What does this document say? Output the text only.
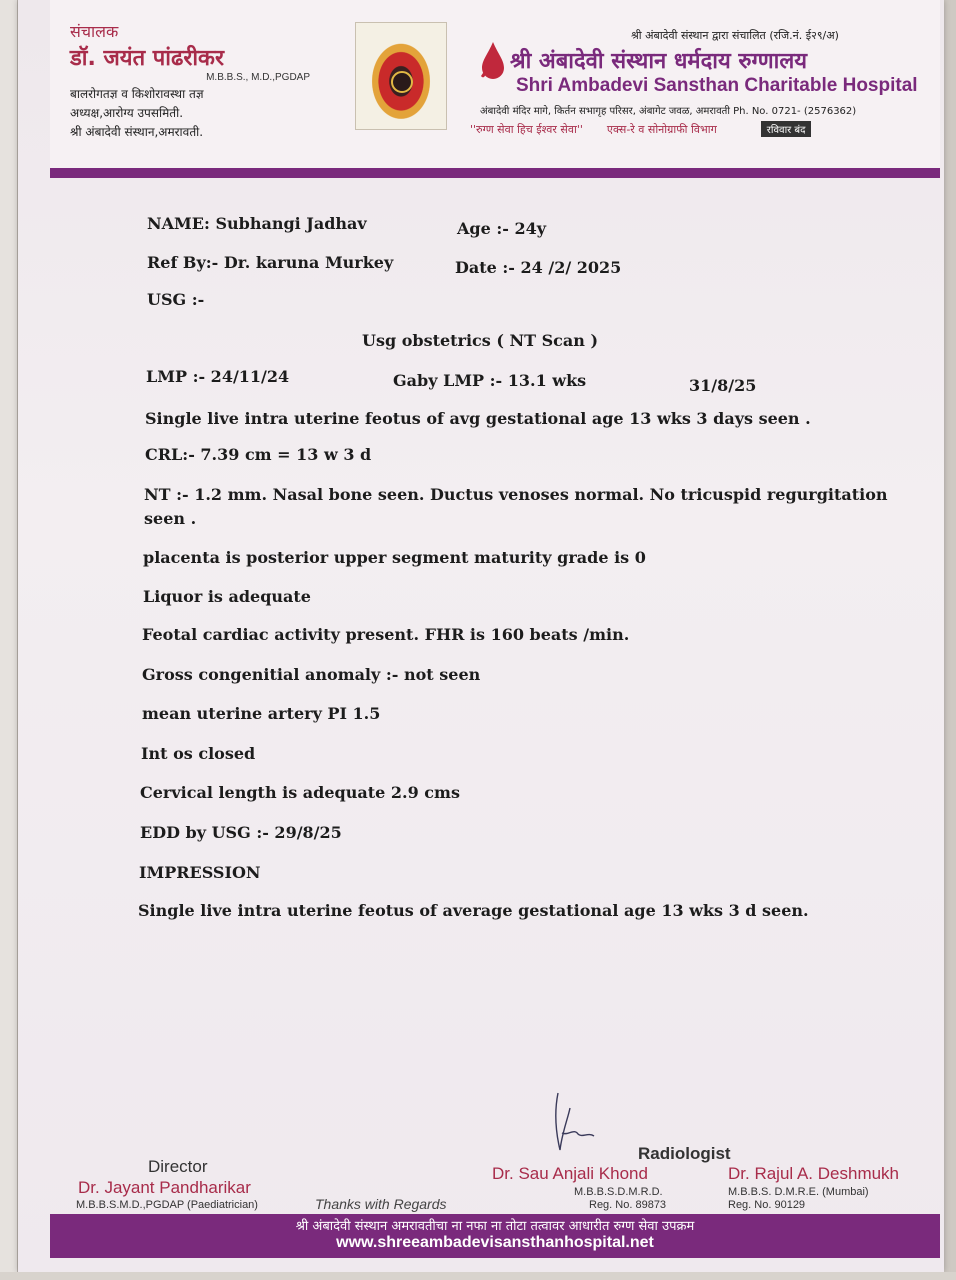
संचालक
डॉ. जयंत पांढरीकर
M.B.B.S., M.D.,PGDAP
बालरोगतज्ञ व किशोरावस्था तज्ञ
अध्यक्ष,आरोग्य उपसमिती.
श्री अंबादेवी संस्थान,अमरावती.
श्री अंबादेवी संस्थान द्वारा संचालित (रजि.नं. ई२९/अ)
श्री अंबादेवी संस्थान धर्मदाय रुग्णालय
Shri Ambadevi Sansthan Charitable Hospital
अंबादेवी मंदिर मागे, किर्तन सभागृह परिसर, अंबागेट जवळ, अमरावती Ph. No. 0721- (2576362)
''रुग्ण सेवा हिच ईश्वर सेवा'' एक्स-रे व सोनोग्राफी विभाग	रविवार बंद
NAME: Subhangi Jadhav	Age :- 24y
Ref By:- Dr. karuna Murkey	Date :- 24 /2/ 2025
USG :-
Usg obstetrics ( NT Scan )
LMP :- 24/11/24	Gaby LMP :- 13.1 wks	31/8/25
Single live intra uterine feotus of avg gestational age 13 wks 3 days seen .
CRL:- 7.39 cm = 13 w 3 d
NT :- 1.2 mm. Nasal bone seen. Ductus venoses normal. No tricuspid regurgitation
seen .
placenta is posterior upper segment maturity grade is 0
Liquor is adequate
Feotal cardiac activity present. FHR is 160 beats /min.
Gross congenitial anomaly :- not seen
mean uterine artery PI 1.5
Int os closed
Cervical length is adequate 2.9 cms
EDD by USG :- 29/8/25
IMPRESSION
Single live intra uterine feotus of average gestational age 13 wks 3 d seen.
Director
Dr. Jayant Pandharikar
M.B.B.S.M.D.,PGDAP (Paediatrician)	Thanks with Regards
Radiologist
Dr. Sau Anjali Khond
M.B.B.S.D.M.R.D.
Reg. No. 89873
Dr. Rajul A. Deshmukh
M.B.B.S. D.M.R.E. (Mumbai)
Reg. No. 90129
श्री अंबादेवी संस्थान अमरावतीचा ना नफा ना तोटा तत्वावर आधारीत रुग्ण सेवा उपक्रम
www.shreeambadevisansthanhospital.net
